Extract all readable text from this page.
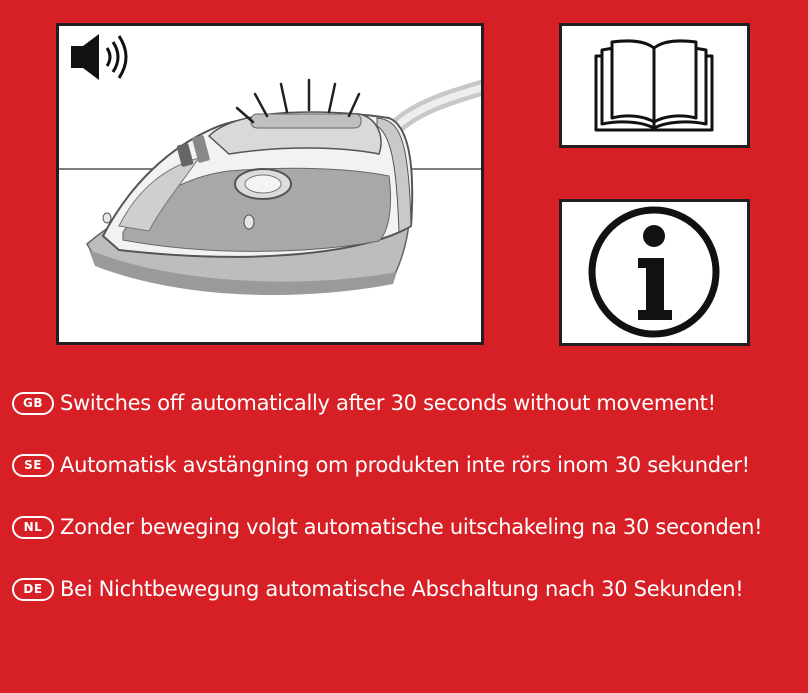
GB Switches off automatically after 30 seconds without movement!
SE Automatisk avstängning om produkten inte rörs inom 30 sekunder!
NL Zonder beweging volgt automatische uitschakeling na 30 seconden!
DE Bei Nichtbewegung automatische Abschaltung nach 30 Sekunden!
